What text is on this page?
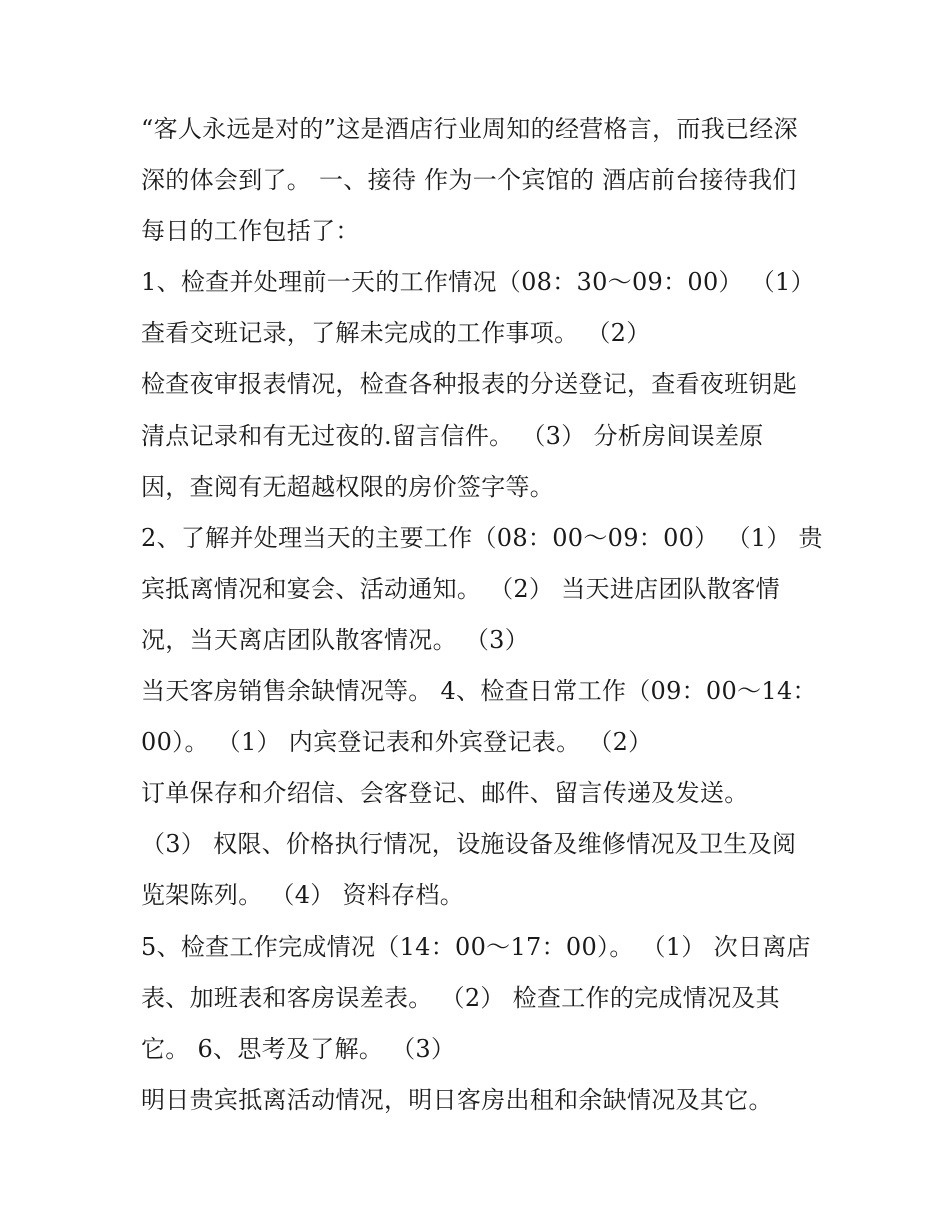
“客人永远是对的”这是酒店行业周知的经营格言，而我已经深
深的体会到了。 一、接待 作为一个宾馆的 酒店前台接待我们
每日的工作包括了：
1、检查并处理前一天的工作情况（08：30～09：00） （1）
查看交班记录，了解未完成的工作事项。 （2）
检查夜审报表情况，检查各种报表的分送登记，查看夜班钥匙
清点记录和有无过夜的.留言信件。 （3） 分析房间误差原
因，查阅有无超越权限的房价签字等。
2、了解并处理当天的主要工作（08：00～09：00） （1） 贵
宾抵离情况和宴会、活动通知。 （2） 当天进店团队散客情
况，当天离店团队散客情况。 （3）
当天客房销售余缺情况等。 4、检查日常工作（09：00～14：
00）。 （1） 内宾登记表和外宾登记表。 （2）
订单保存和介绍信、会客登记、邮件、留言传递及发送。
（3） 权限、价格执行情况，设施设备及维修情况及卫生及阅
览架陈列。 （4） 资料存档。
5、检查工作完成情况（14：00～17：00）。 （1） 次日离店
表、加班表和客房误差表。 （2） 检查工作的完成情况及其
它。 6、思考及了解。 （3）
明日贵宾抵离活动情况，明日客房出租和余缺情况及其它。
